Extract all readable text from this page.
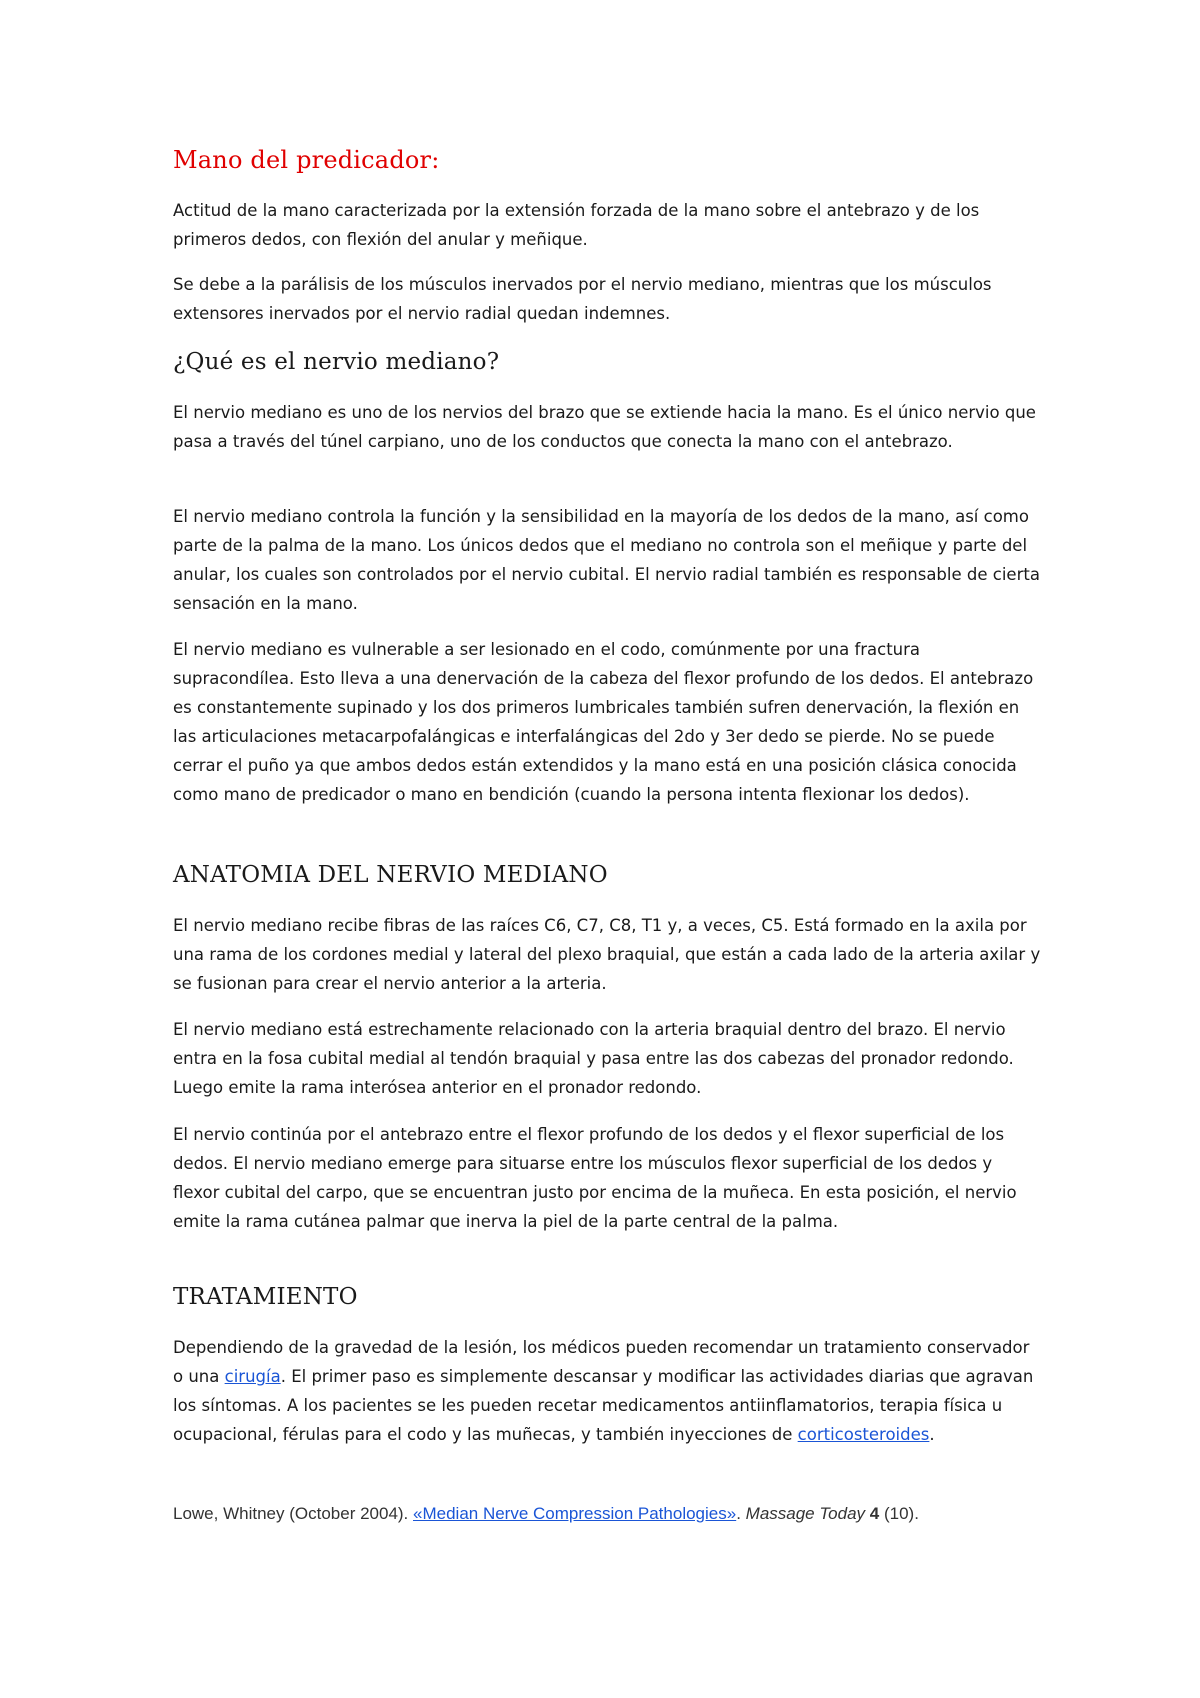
Mano del predicador:

Actitud de la mano caracterizada por la extensión forzada de la mano sobre el antebrazo y de los primeros dedos, con flexión del anular y meñique.

Se debe a la parálisis de los músculos inervados por el nervio mediano, mientras que los músculos extensores inervados por el nervio radial quedan indemnes.

¿Qué es el nervio mediano?

El nervio mediano es uno de los nervios del brazo que se extiende hacia la mano. Es el único nervio que pasa a través del túnel carpiano, uno de los conductos que conecta la mano con el antebrazo.

El nervio mediano controla la función y la sensibilidad en la mayoría de los dedos de la mano, así como parte de la palma de la mano. Los únicos dedos que el mediano no controla son el meñique y parte del anular, los cuales son controlados por el nervio cubital. El nervio radial también es responsable de cierta sensación en la mano.

El nervio mediano es vulnerable a ser lesionado en el codo, comúnmente por una fractura supracondílea. Esto lleva a una denervación de la cabeza del flexor profundo de los dedos. El antebrazo es constantemente supinado y los dos primeros lumbricales también sufren denervación, la flexión en las articulaciones metacarpofalángicas e interfalángicas del 2do y 3er dedo se pierde. No se puede cerrar el puño ya que ambos dedos están extendidos y la mano está en una posición clásica conocida como mano de predicador o mano en bendición (cuando la persona intenta flexionar los dedos).

ANATOMIA DEL NERVIO MEDIANO

El nervio mediano recibe fibras de las raíces C6, C7, C8, T1 y, a veces, C5. Está formado en la axila por una rama de los cordones medial y lateral del plexo braquial, que están a cada lado de la arteria axilar y se fusionan para crear el nervio anterior a la arteria.

El nervio mediano está estrechamente relacionado con la arteria braquial dentro del brazo. El nervio entra en la fosa cubital medial al tendón braquial y pasa entre las dos cabezas del pronador redondo. Luego emite la rama interósea anterior en el pronador redondo.

El nervio continúa por el antebrazo entre el flexor profundo de los dedos y el flexor superficial de los dedos. El nervio mediano emerge para situarse entre los músculos flexor superficial de los dedos y flexor cubital del carpo, que se encuentran justo por encima de la muñeca. En esta posición, el nervio emite la rama cutánea palmar que inerva la piel de la parte central de la palma.

TRATAMIENTO

Dependiendo de la gravedad de la lesión, los médicos pueden recomendar un tratamiento conservador o una cirugía. El primer paso es simplemente descansar y modificar las actividades diarias que agravan los síntomas. A los pacientes se les pueden recetar medicamentos antiinflamatorios, terapia física u ocupacional, férulas para el codo y las muñecas, y también inyecciones de corticosteroides.

Lowe, Whitney (October 2004). «Median Nerve Compression Pathologies». Massage Today 4 (10).
